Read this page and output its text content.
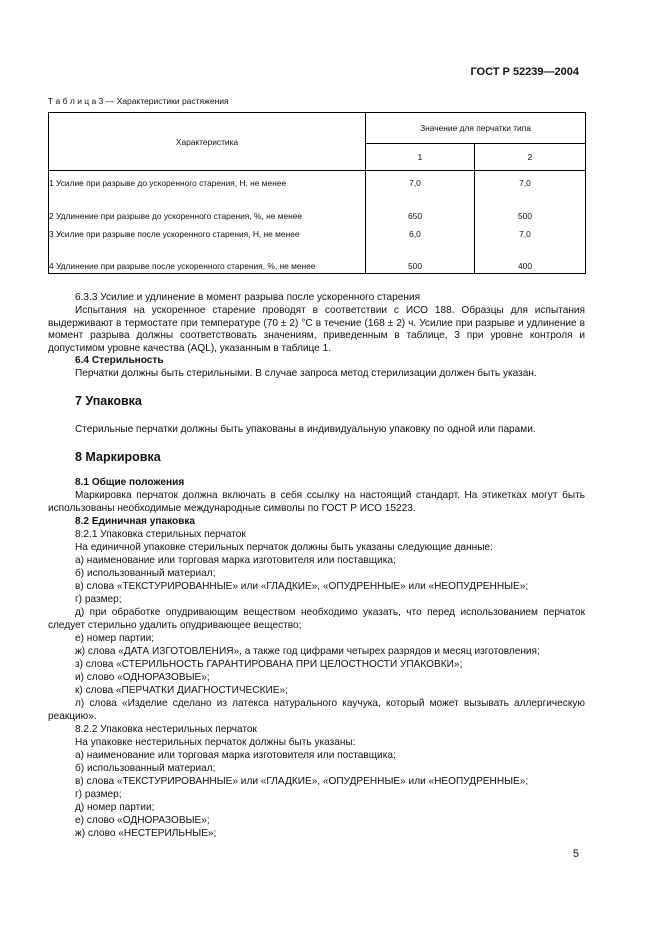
ГОСТ Р 52239—2004
Т а б л и ц а 3 — Характеристики растяжения
Характеристика	Значение для перчатки типа	
	1	2
1 Усилие при разрыве до ускоренного старения, Н, не менее	7,0	7,0
2 Удлинение при разрыве до ускоренного старения, %, не менее	650	500
3 Усилие при разрыве после ускоренного старения, Н, не менее	6,0	7,0
4 Удлинение при разрыве после ускоренного старения, %, не менее	500	400
6.3.3 Усилие и удлинение в момент разрыва после ускоренного старения
Испытания на ускоренное старение проводят в соответствии с ИСО 188. Образцы для испытания выдерживают в термостате при температуре (70 ± 2) °С в течение (168 ± 2) ч. Усилие при разрыве и удлинение в момент разрыва должны соответствовать значениям, приведенным в таблице, 3 при уровне контроля и допустимом уровне качества (AQL), указанным в таблице 1.
6.4 Стерильность
Перчатки должны быть стерильными. В случае запроса метод стерилизации должен быть указан.
7 Упаковка
Стерильные перчатки должны быть упакованы в индивидуальную упаковку по одной или парами.
8 Маркировка
8.1 Общие положения
Маркировка перчаток должна включать в себя ссылку на настоящий стандарт. На этикетках могут быть использованы необходимые международные символы по ГОСТ Р ИСО 15223.
8.2 Единичная упаковка
8.2.1 Упаковка стерильных перчаток
На единичной упаковке стерильных перчаток должны быть указаны следующие данные:
а) наименование или торговая марка изготовителя или поставщика;
б) использованный материал;
в) слова «ТЕКСТУРИРОВАННЫЕ» или «ГЛАДКИЕ», «ОПУДРЕННЫЕ» или «НЕОПУДРЕННЫЕ»;
г) размер;
д) при обработке опудривающим веществом необходимо указать, что перед использованием перчаток следует стерильно удалить опудривающее вещество;
е) номер партии;
ж) слова «ДАТА ИЗГОТОВЛЕНИЯ», а также год цифрами четырех разрядов и месяц изготовления;
з) слова «СТЕРИЛЬНОСТЬ ГАРАНТИРОВАНА ПРИ ЦЕЛОСТНОСТИ УПАКОВКИ»;
и) слово «ОДНОРАЗОВЫЕ»;
к) слова «ПЕРЧАТКИ ДИАГНОСТИЧЕСКИЕ»;
л) слова «Изделие сделано из латекса натурального каучука, который может вызывать аллергическую реакцию».
8.2.2 Упаковка нестерильных перчаток
На упаковке нестерильных перчаток должны быть указаны:
а) наименование или торговая марка изготовителя или поставщика;
б) использованный материал;
в) слова «ТЕКСТУРИРОВАННЫЕ» или «ГЛАДКИЕ», «ОПУДРЕННЫЕ» или «НЕОПУДРЕННЫЕ»;
г) размер;
д) номер партии;
е) слово «ОДНОРАЗОВЫЕ»;
ж) слово «НЕСТЕРИЛЬНЫЕ»;
5
